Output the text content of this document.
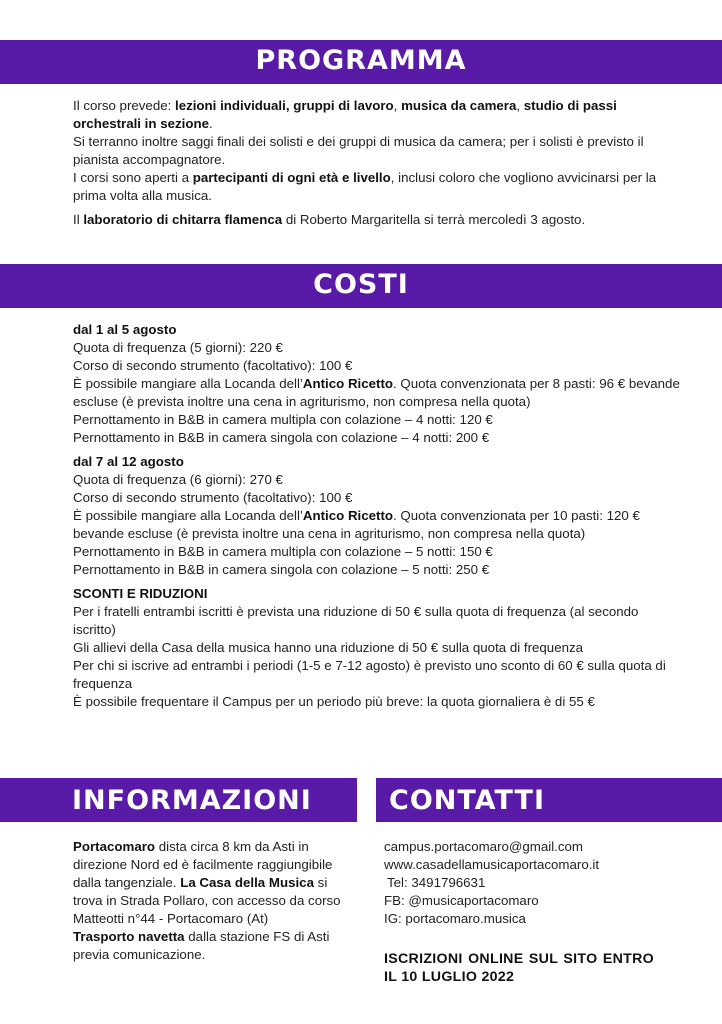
PROGRAMMA

Il corso prevede: lezioni individuali, gruppi di lavoro, musica da camera, studio di passi orchestrali in sezione.

Si terranno inoltre saggi finali dei solisti e dei gruppi di musica da camera; per i solisti è previsto il pianista accompagnatore.

I corsi sono aperti a partecipanti di ogni età e livello, inclusi coloro che vogliono avvicinarsi per la prima volta alla musica.

Il laboratorio di chitarra flamenca di Roberto Margaritella si terrà mercoledì 3 agosto.

COSTI

dal 1 al 5 agosto

Quota di frequenza (5 giorni): 220 €

Corso di secondo strumento (facoltativo): 100 €

È possibile mangiare alla Locanda dell’Antico Ricetto. Quota convenzionata per 8 pasti: 96 € bevande escluse (è prevista inoltre una cena in agriturismo, non compresa nella quota)

Pernottamento in B&B in camera multipla con colazione – 4 notti: 120 €

Pernottamento in B&B in camera singola con colazione – 4 notti: 200 €

dal 7 al 12 agosto

Quota di frequenza (6 giorni): 270 €

Corso di secondo strumento (facoltativo): 100 €

È possibile mangiare alla Locanda dell’Antico Ricetto. Quota convenzionata per 10 pasti: 120 € bevande escluse (è prevista inoltre una cena in agriturismo, non compresa nella quota)

Pernottamento in B&B in camera multipla con colazione – 5 notti: 150 €

Pernottamento in B&B in camera singola con colazione – 5 notti: 250 €

SCONTI E RIDUZIONI

Per i fratelli entrambi iscritti è prevista una riduzione di 50 € sulla quota di frequenza (al secondo iscritto)

Gli allievi della Casa della musica hanno una riduzione di 50 € sulla quota di frequenza

Per chi si iscrive ad entrambi i periodi (1-5 e 7-12 agosto) è previsto uno sconto di 60 € sulla quota di frequenza

È possibile frequentare il Campus per un periodo più breve: la quota giornaliera è di 55 €

INFORMAZIONI

Portacomaro dista circa 8 km da Asti in direzione Nord ed è facilmente raggiungibile dalla tangenziale. La Casa della Musica si trova in Strada Pollaro, con accesso da corso Matteotti n°44 - Portacomaro (At)

Trasporto navetta dalla stazione FS di Asti previa comunicazione.

CONTATTI

campus.portacomaro@gmail.com

www.casadellamusicaportacomaro.it

Tel: 3491796631

FB: @musicaportacomaro

IG: portacomaro.musica

ISCRIZIONI ONLINE SUL SITO ENTRO IL 10 LUGLIO 2022
